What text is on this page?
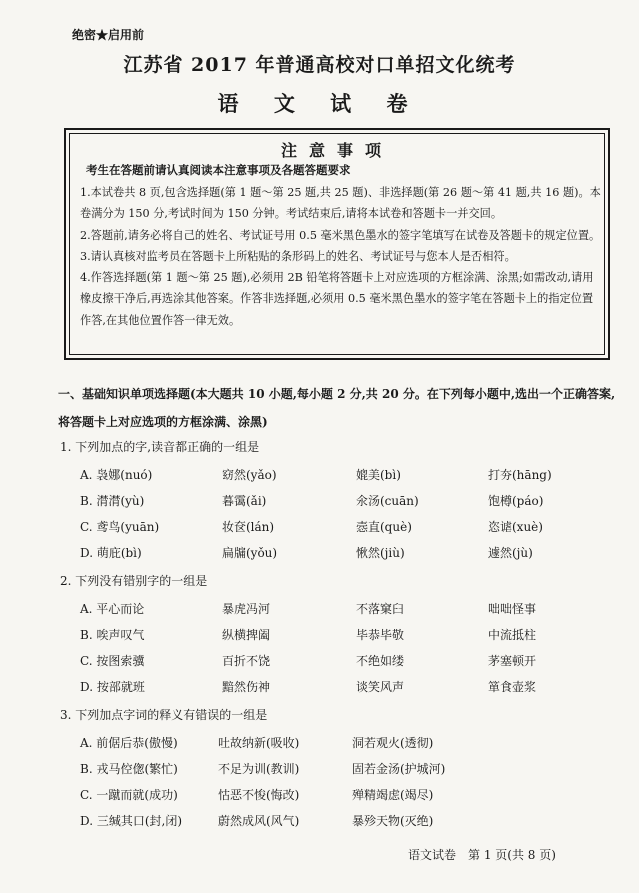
绝密★启用前
江苏省 2017 年普通高校对口单招文化统考
语 文 试 卷
注意事项
考生在答题前请认真阅读本注意事项及各题答题要求

1.本试卷共 8 页,包含选择题(第 1 题～第 25 题,共 25 题)、非选择题(第 26 题～第 41 题,共 16 题)。本卷满分为 150 分,考试时间为 150 分钟。考试结束后,请将本试卷和答题卡一并交回。

2.答题前,请务必将自己的姓名、考试证号用 0.5 毫米黑色墨水的签字笔填写在试卷及答题卡的规定位置。

3.请认真核对监考员在答题卡上所粘贴的条形码上的姓名、考试证号与您本人是否相符。

4.作答选择题(第 1 题～第 25 题),必须用 2B 铅笔将答题卡上对应选项的方框涂满、涂黑;如需改动,请用橡皮擦干净后,再选涂其他答案。作答非选择题,必须用 0.5 毫米黑色墨水的签字笔在答题卡上的指定位置作答,在其他位置作答一律无效。

一、基础知识单项选择题(本大题共 10 小题,每小题 2 分,共 20 分。在下列每小题中,选出一个正确答案,将答题卡上对应选项的方框涂满、涂黑)
1. 下列加点的字,读音都正确的一组是
A. 袅娜(nuó)	窈然(yǎo)	媲美(bì)	打夯(hāng)
B. 潸潸(yù)	暮霭(ǎi)	氽汤(cuān)	饱樽(páo)
C. 鸢鸟(yuān)	妆奁(lán)	悫直(què)	恣谑(xuè)
D. 萌庇(bì)	扁牖(yǒu)	愀然(jiù)	遽然(jù)
2. 下列没有错别字的一组是
A. 平心而论	暴虎冯河	不落窠臼	咄咄怪事
B. 唉声叹气	纵横捭阖	毕恭毕敬	中流抵柱
C. 按图索骥	百折不饶	不绝如缕	茅塞顿开
D. 按部就班	黯然伤神	谈笑风声	箪食壶浆
3. 下列加点字词的释义有错误的一组是
A. 前倨后恭(傲慢)	吐故纳新(吸收)	洞若观火(透彻)
B. 戎马倥偬(繁忙)	不足为训(教训)	固若金汤(护城河)
C. 一蹴而就(成功)	怙恶不悛(悔改)	殚精竭虑(竭尽)
D. 三缄其口(封,闭)	蔚然成风(风气)	暴殄天物(灭绝)
语文试卷　第 1 页(共 8 页)
